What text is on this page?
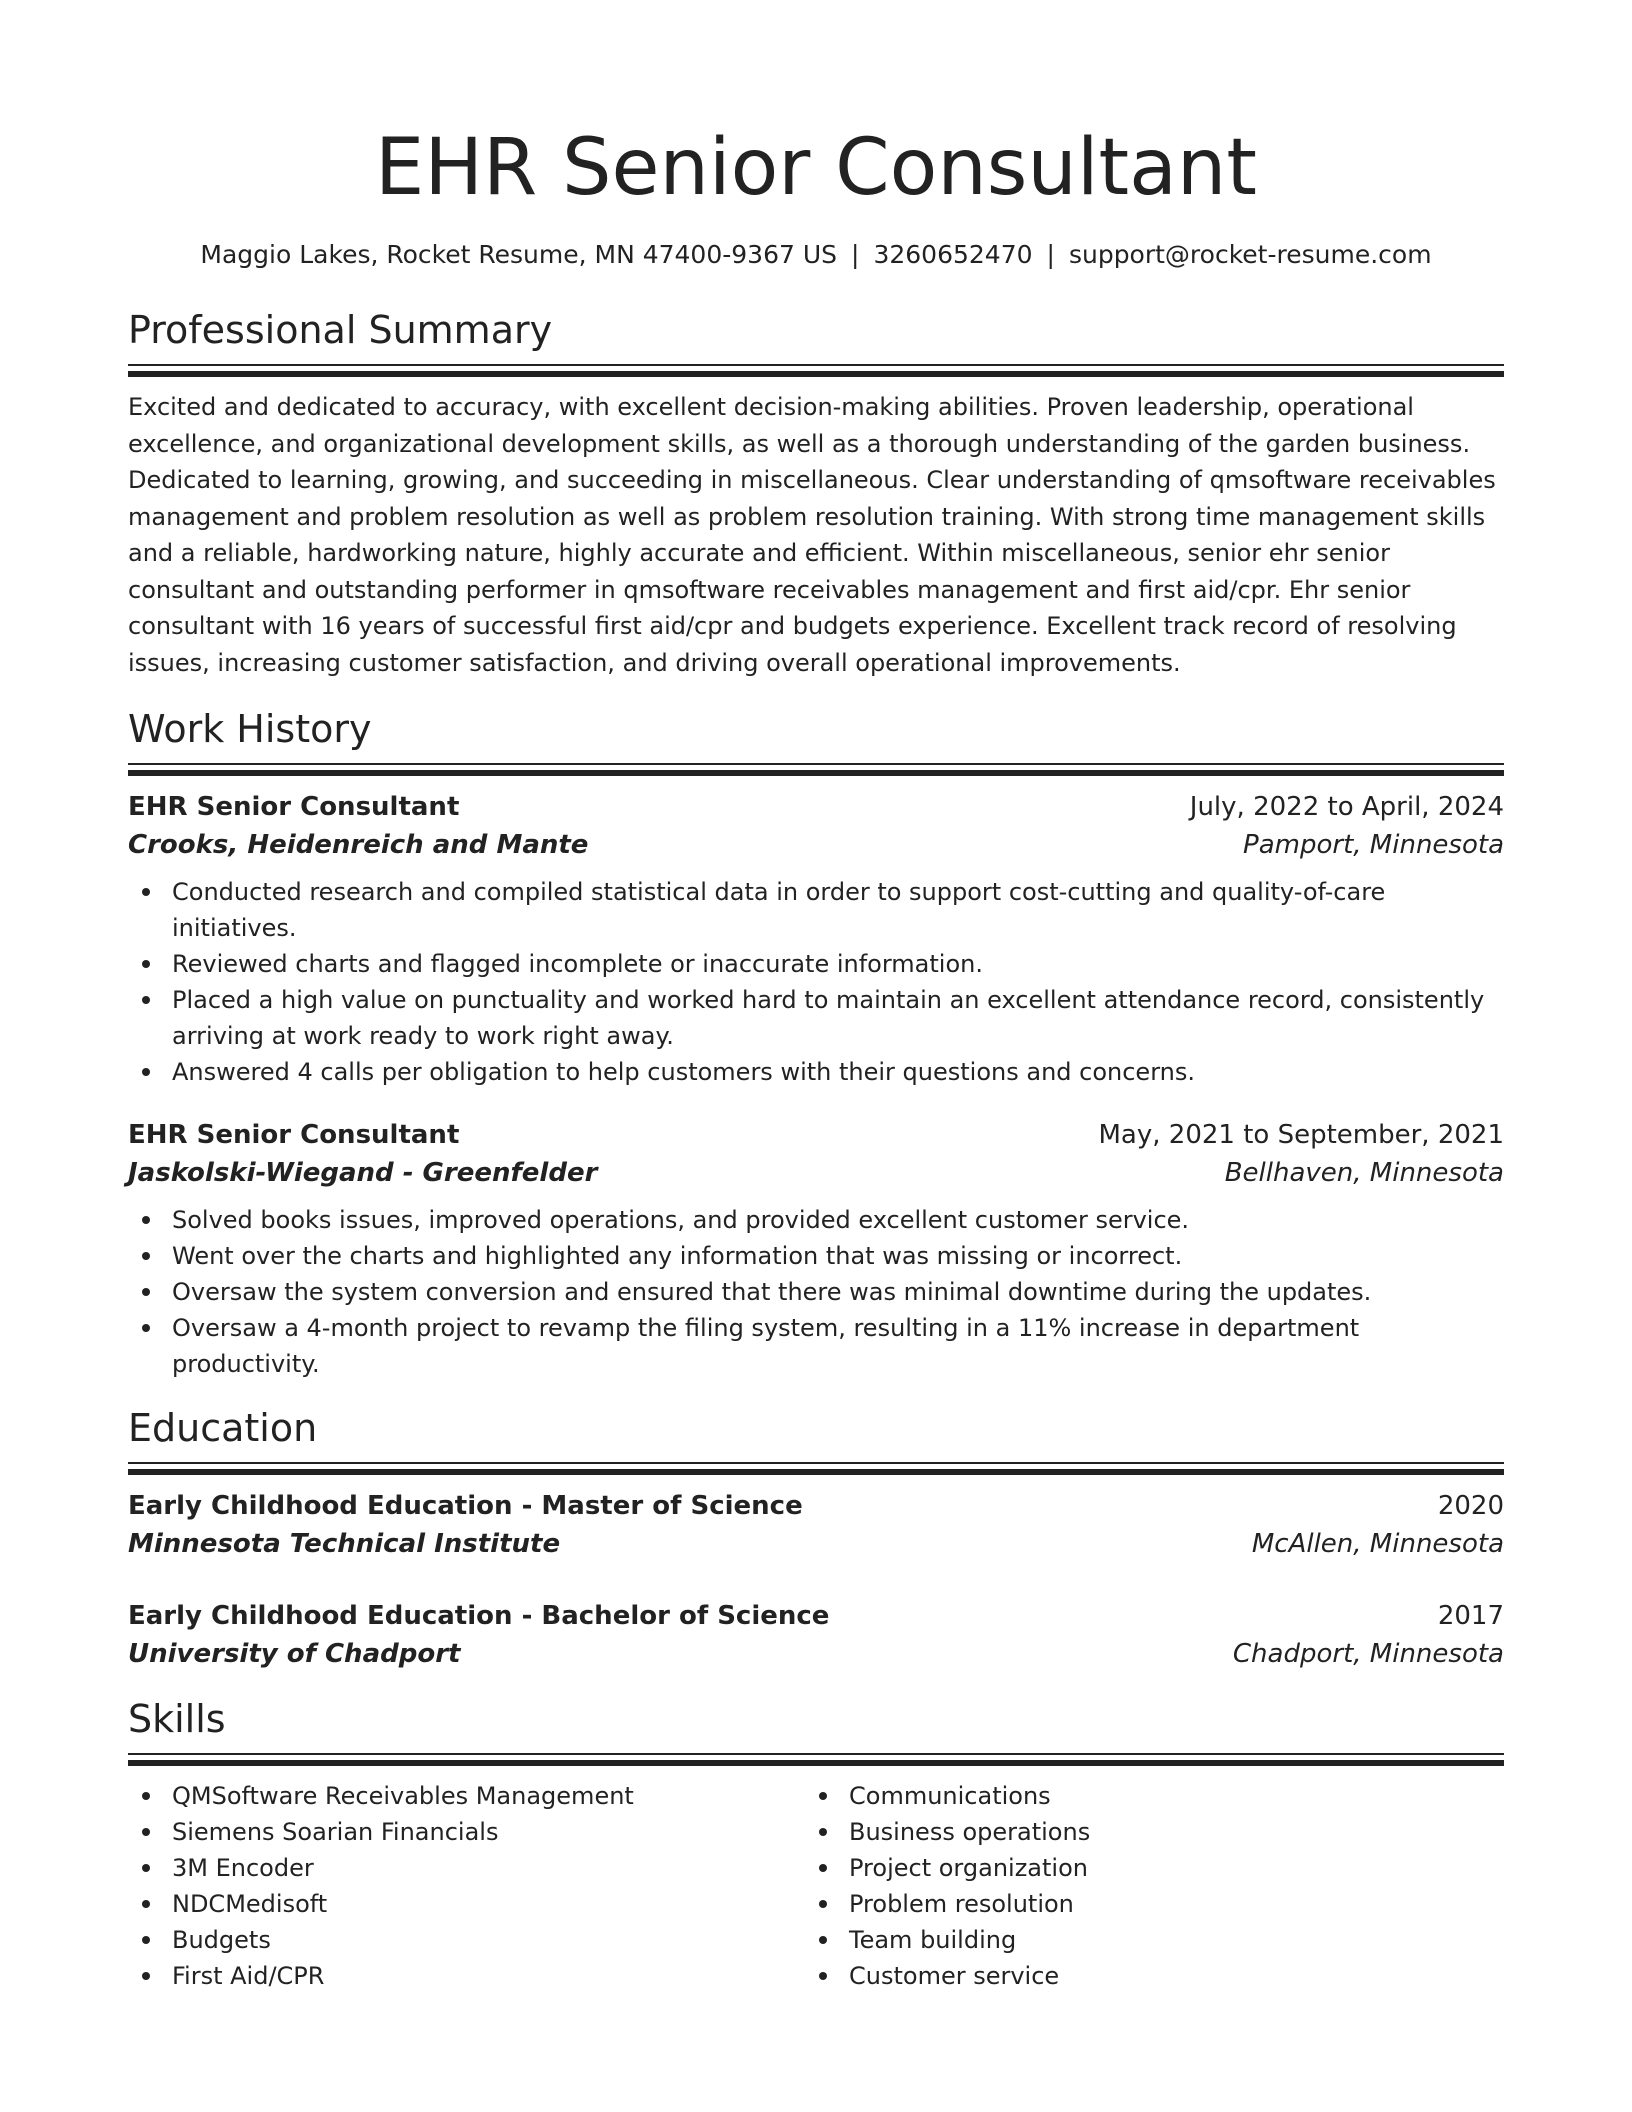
EHR Senior Consultant
Maggio Lakes, Rocket Resume, MN 47400-9367 US | 3260652470 | support@rocket-resume.com
Professional Summary
Excited and dedicated to accuracy, with excellent decision-making abilities. Proven leadership, operational excellence, and organizational development skills, as well as a thorough understanding of the garden business. Dedicated to learning, growing, and succeeding in miscellaneous. Clear understanding of qmsoftware receivables management and problem resolution as well as problem resolution training. With strong time management skills and a reliable, hardworking nature, highly accurate and efficient. Within miscellaneous, senior ehr senior consultant and outstanding performer in qmsoftware receivables management and first aid/cpr. Ehr senior consultant with 16 years of successful first aid/cpr and budgets experience. Excellent track record of resolving issues, increasing customer satisfaction, and driving overall operational improvements.
Work History
EHR Senior Consultant	July, 2022 to April, 2024
Crooks, Heidenreich and Mante	Pamport, Minnesota
Conducted research and compiled statistical data in order to support cost-cutting and quality-of-care initiatives.
Reviewed charts and flagged incomplete or inaccurate information.
Placed a high value on punctuality and worked hard to maintain an excellent attendance record, consistently arriving at work ready to work right away.
Answered 4 calls per obligation to help customers with their questions and concerns.
EHR Senior Consultant	May, 2021 to September, 2021
Jaskolski-Wiegand - Greenfelder	Bellhaven, Minnesota
Solved books issues, improved operations, and provided excellent customer service.
Went over the charts and highlighted any information that was missing or incorrect.
Oversaw the system conversion and ensured that there was minimal downtime during the updates.
Oversaw a 4-month project to revamp the filing system, resulting in a 11% increase in department productivity.
Education
Early Childhood Education - Master of Science	2020
Minnesota Technical Institute	McAllen, Minnesota
Early Childhood Education - Bachelor of Science	2017
University of Chadport	Chadport, Minnesota
Skills
QMSoftware Receivables Management
Siemens Soarian Financials
3M Encoder
NDCMedisoft
Budgets
First Aid/CPR
Communications
Business operations
Project organization
Problem resolution
Team building
Customer service
